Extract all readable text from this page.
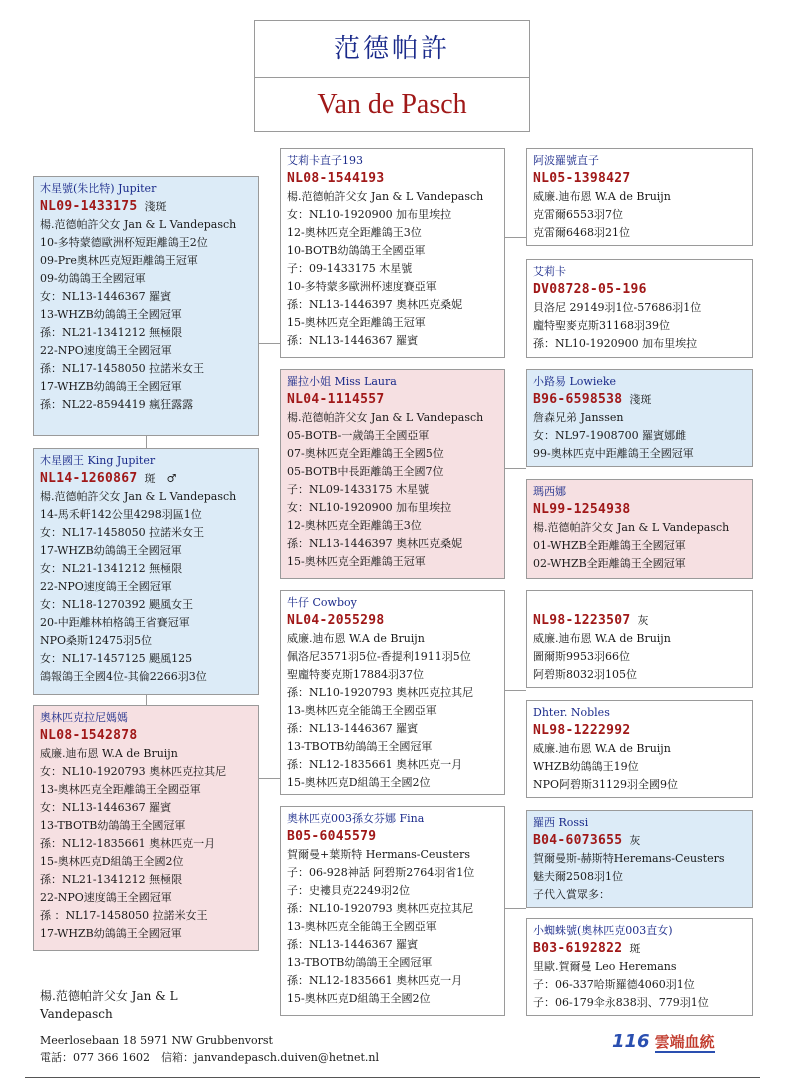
范德帕許
Van de Pasch
木星號(朱比特) Jupiter
NL09-1433175 淺斑
楊.范德帕許父女 Jan & L Vandepasch
10-多特蒙德歐洲杯短距離鴿王2位
09-Pre奧林匹克短距離鴿王冠軍
09-幼鴿鴿王全國冠軍
女：NL13-1446367 羅賓
13-WHZB幼鴿鴿王全國冠軍
孫：NL21-1341212 無極限
22-NPO速度鴿王全國冠軍
孫：NL17-1458050 拉諾米女王
17-WHZB幼鴿鴿王全國冠軍
孫：NL22-8594419 瘋狂露露
木星國王 King Jupiter
NL14-1260867 斑　♂
楊.范德帕許父女 Jan & L Vandepasch
14-馬禾軒142公里4298羽區1位
女：NL17-1458050 拉諾米女王
17-WHZB幼鴿鴿王全國冠軍
女：NL21-1341212 無極限
22-NPO速度鴿王全國冠軍
女：NL18-1270392 颶風女王
20-中距離林柏格鴿王省賽冠軍
NPO桑斯12475羽5位
女：NL17-1457125 颶風125
鴿報鴿王全國4位-其倫2266羽3位
奧林匹克拉尼媽媽
NL08-1542878
威廉.迪布恩 W.A de Bruijn
女：NL10-1920793 奧林匹克拉其尼
13-奧林匹克全距離鴿王全國亞軍
女：NL13-1446367 羅賓
13-TBOTB幼鴿鴿王全國冠軍
孫：NL12-1835661 奧林匹克一月
15-奧林匹克D組鴿王全國2位
孫：NL21-1341212 無極限
22-NPO速度鴿王全國冠軍
孫 ：NL17-1458050 拉諾米女王
17-WHZB幼鴿鴿王全國冠軍
艾莉卡直子193
NL08-1544193
楊.范德帕許父女 Jan & L Vandepasch
女：NL10-1920900 加布里埃拉
12-奧林匹克全距離鴿王3位
10-BOTB幼鴿鴿王全國亞軍
子：09-1433175 木星號
10-多特蒙多歐洲杯速度賽亞軍
孫：NL13-1446397 奧林匹克桑妮
15-奧林匹克全距離鴿王冠軍
孫：NL13-1446367 羅賓
羅拉小姐 Miss Laura
NL04-1114557
楊.范德帕許父女 Jan & L Vandepasch
05-BOTB-一歲鴿王全國亞軍
07-奧林匹克全距離鴿王全國5位
05-BOTB中長距離鴿王全國7位
子：NL09-1433175 木星號
女：NL10-1920900 加布里埃拉
12-奧林匹克全距離鴿王3位
孫：NL13-1446397 奧林匹克桑妮
15-奧林匹克全距離鴿王冠軍
牛仔 Cowboy
NL04-2055298
威廉.迪布恩 W.A de Bruijn
佩洛尼3571羽5位-香提利1911羽5位
聖龐特麥克斯17884羽37位
孫：NL10-1920793 奧林匹克拉其尼
13-奧林匹克全能鴿王全國亞軍
孫：NL13-1446367 羅賓
13-TBOTB幼鴿鴿王全國冠軍
孫：NL12-1835661 奧林匹克一月
15-奧林匹克D組鴿王全國2位
奧林匹克003孫女芬娜 Fina
B05-6045579
賀爾曼+葉斯特 Hermans-Ceusters
子：06-928神話 阿碧斯2764羽省1位
子：史褸貝克2249羽2位
孫：NL10-1920793 奧林匹克拉其尼
13-奧林匹克全能鴿王全國亞軍
孫：NL13-1446367 羅賓
13-TBOTB幼鴿鴿王全國冠軍
孫：NL12-1835661 奧林匹克一月
15-奧林匹克D組鴿王全國2位
阿波羅號直子
NL05-1398427
威廉.迪布恩 W.A de Bruijn
克雷爾6553羽7位
克雷爾6468羽21位
艾莉卡
DV08728-05-196
貝洛尼 29149羽1位-57686羽1位
龐特聖麥克斯31168羽39位
孫：NL10-1920900 加布里埃拉
小路易 Lowieke
B96-6598538 淺斑
詹森兄弟 Janssen
女：NL97-1908700 羅賓娜雌
99-奧林匹克中距離鴿王全國冠軍
瑪西娜
NL99-1254938
楊.范德帕許父女 Jan & L Vandepasch
01-WHZB全距離鴿王全國冠軍
02-WHZB全距離鴿王全國冠軍
NL98-1223507 灰
威廉.迪布恩 W.A de Bruijn
圖爾斯9953羽66位
阿碧斯8032羽105位
Dhter. Nobles
NL98-1222992
威廉.迪布恩 W.A de Bruijn
WHZB幼鴿鴿王19位
NPO阿碧斯31129羽全國9位
羅西 Rossi
B04-6073655 灰
賀爾曼斯-赫斯特Heremans-Ceusters
魅夫爾2508羽1位
子代入賞眾多：
小蜘蛛號(奧林匹克003直女)
B03-6192822 斑
里歐.賀爾曼 Leo Heremans
子：06-337哈斯羅德4060羽1位
子：06-179伞永838羽、779羽1位
楊.范德帕許父女 Jan & L Vandepasch
Meerlosebaan 18 5971 NW Grubbenvorst
電話：077 366 1602　信箱：janvandepasch.duiven@hetnet.nl
116 雲端血統
